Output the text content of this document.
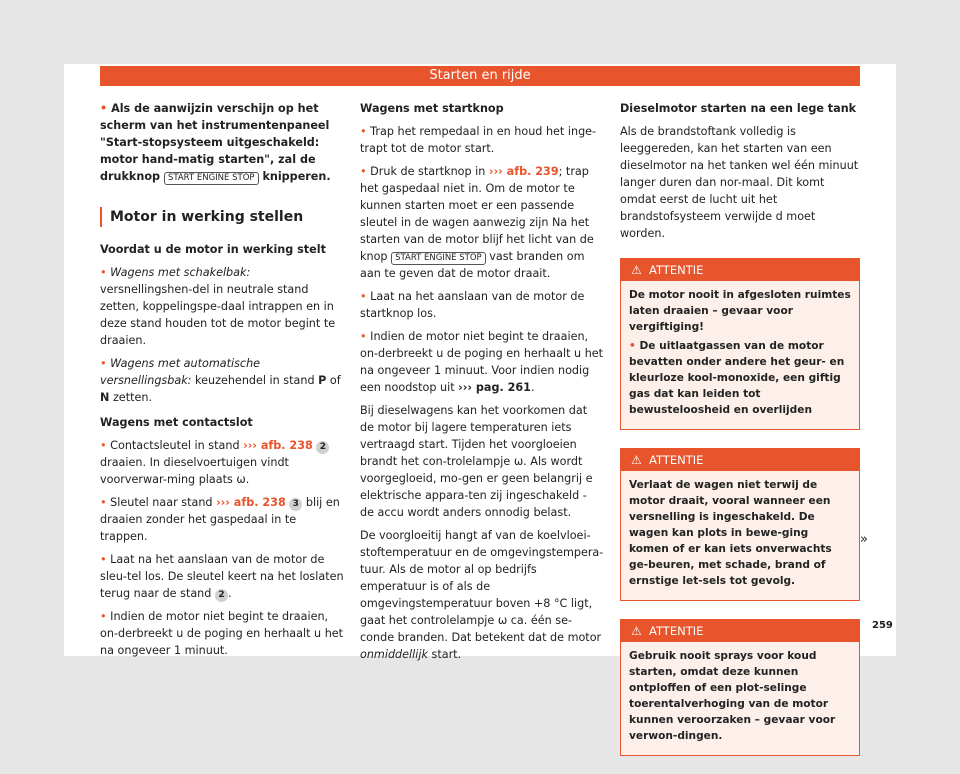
Starten en rijde

• Als de aanwijzin verschijn op het scherm van het instrumentenpaneel "Start-stopsysteem uitgeschakeld: motor hand-matig starten", zal de drukknop START ENGINE STOP knipperen.

Motor in werking stellen

Voordat u de motor in werking stelt

• Wagens met schakelbak: versnellingshen-del in neutrale stand zetten, koppelingspe-daal intrappen en in deze stand houden tot de motor begint te draaien.

• Wagens met automatische versnellingsbak: keuzehendel in stand P of N zetten.

Wagens met contactslot

• Contactsleutel in stand ››› afb. 238 2 draaien. In dieselvoertuigen vindt voorverwar-ming plaats ω.

• Sleutel naar stand ››› afb. 238 3 blij en draaien zonder het gaspedaal in te trappen.

• Laat na het aanslaan van de motor de sleu-tel los. De sleutel keert na het loslaten terug naar de stand 2 .

• Indien de motor niet begint te draaien, on-derbreekt u de poging en herhaalt u het na ongeveer 1 minuut.

Wagens met startknop

• Trap het rempedaal in en houd het inge-trapt tot de motor start.

• Druk de startknop in ››› afb. 239; trap het gaspedaal niet in. Om de motor te kunnen starten moet er een passende sleutel in de wagen aanwezig zijn Na het starten van de motor blijf het licht van de knop START ENGINE STOP vast branden om aan te geven dat de motor draait.

• Laat na het aanslaan van de motor de startknop los.

• Indien de motor niet begint te draaien, on-derbreekt u de poging en herhaalt u het na ongeveer 1 minuut. Voor indien nodig een noodstop uit ››› pag. 261.

Bij dieselwagens kan het voorkomen dat de motor bij lagere temperaturen iets vertraagd start. Tijden het voorgloeien brandt het con-trolelampje ω. Als wordt voorgegloeid, mo-gen er geen belangrij e elektrische appara-ten zij ingeschakeld - de accu wordt anders onnodig belast.

De voorgloeitij hangt af van de koelvloei-stoftemperatuur en de omgevingstempera-tuur. Als de motor al op bedrijfs emperatuur is of als de omgevingstemperatuur boven +8 °C ligt, gaat het controlelampje ω ca. één se-conde branden. Dat betekent dat de motor onmiddellijk start.

Dieselmotor starten na een lege tank

Als de brandstoftank volledig is leeggereden, kan het starten van een dieselmotor na het tanken wel één minuut langer duren dan nor-maal. Dit komt omdat eerst de lucht uit het brandstofsysteem verwijde d moet worden.

⚠ ATTENTIE

De motor nooit in afgesloten ruimtes laten draaien – gevaar voor vergiftiging!

• De uitlaatgassen van de motor bevatten onder andere het geur- en kleurloze kool-monoxide, een giftig gas dat kan leiden tot bewusteloosheid en overlijden

⚠ ATTENTIE

Verlaat de wagen niet terwij de motor draait, vooral wanneer een versnelling is ingeschakeld. De wagen kan plots in bewe-ging komen of er kan iets onverwachts ge-beuren, met schade, brand of ernstige let-sels tot gevolg.

⚠ ATTENTIE

Gebruik nooit sprays voor koud starten, omdat deze kunnen ontploffen of een plot-selinge toerentalverhoging van de motor kunnen veroorzaken – gevaar voor verwon-dingen.

»
259
